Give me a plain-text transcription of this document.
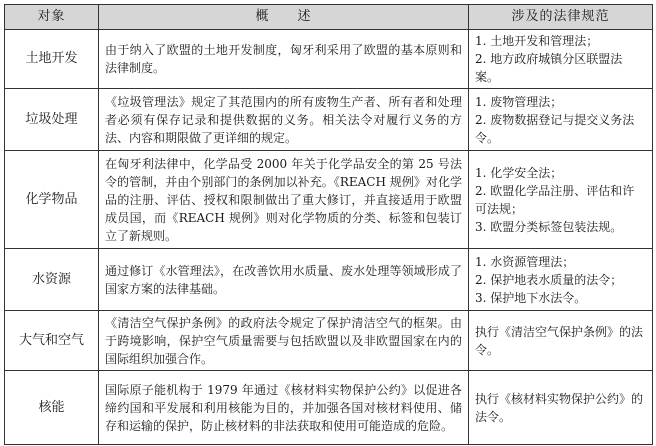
对象	概　　述	涉及的法律规范
土地开发	由于纳入了欧盟的土地开发制度，匈牙利采用了欧盟的基本原则和法律制度。	1. 土地开发和管理法；
2. 地方政府城镇分区联盟法案。

垃圾处理	《垃圾管理法》规定了其范围内的所有废物生产者、所有者和处理者必须有保存记录和提供数据的义务。相关法令对履行义务的方法、内容和期限做了更详细的规定。	1. 废物管理法；
2. 废物数据登记与提交义务法令。

化学物品	在匈牙利法律中，化学品受 2000 年关于化学品安全的第 25 号法令的管制，并由个别部门的条例加以补充。《REACH 规例》对化学品的注册、评估、授权和限制做出了重大修订，并直接适用于欧盟成员国，而《REACH 规例》则对化学物质的分类、标签和包装订立了新规则。	1. 化学安全法；
2. 欧盟化学品注册、评估和许可法规；
3. 欧盟分类标签包装法规。

水资源	通过修订《水管理法》，在改善饮用水质量、废水处理等领域形成了国家方案的法律基础。	1. 水资源管理法；
2. 保护地表水质量的法令；
3. 保护地下水法令。

大气和空气	《清洁空气保护条例》的政府法令规定了保护清洁空气的框架。由于跨境影响，保护空气质量需要与包括欧盟以及非欧盟国家在内的国际组织加强合作。	执行《清洁空气保护条例》的法令。

核能	国际原子能机构于 1979 年通过《核材料实物保护公约》以促进各缔约国和平发展和利用核能为目的，并加强各国对核材料使用、储存和运输的保护，防止核材料的非法获取和使用可能造成的危险。	执行《核材料实物保护公约》的法令。
